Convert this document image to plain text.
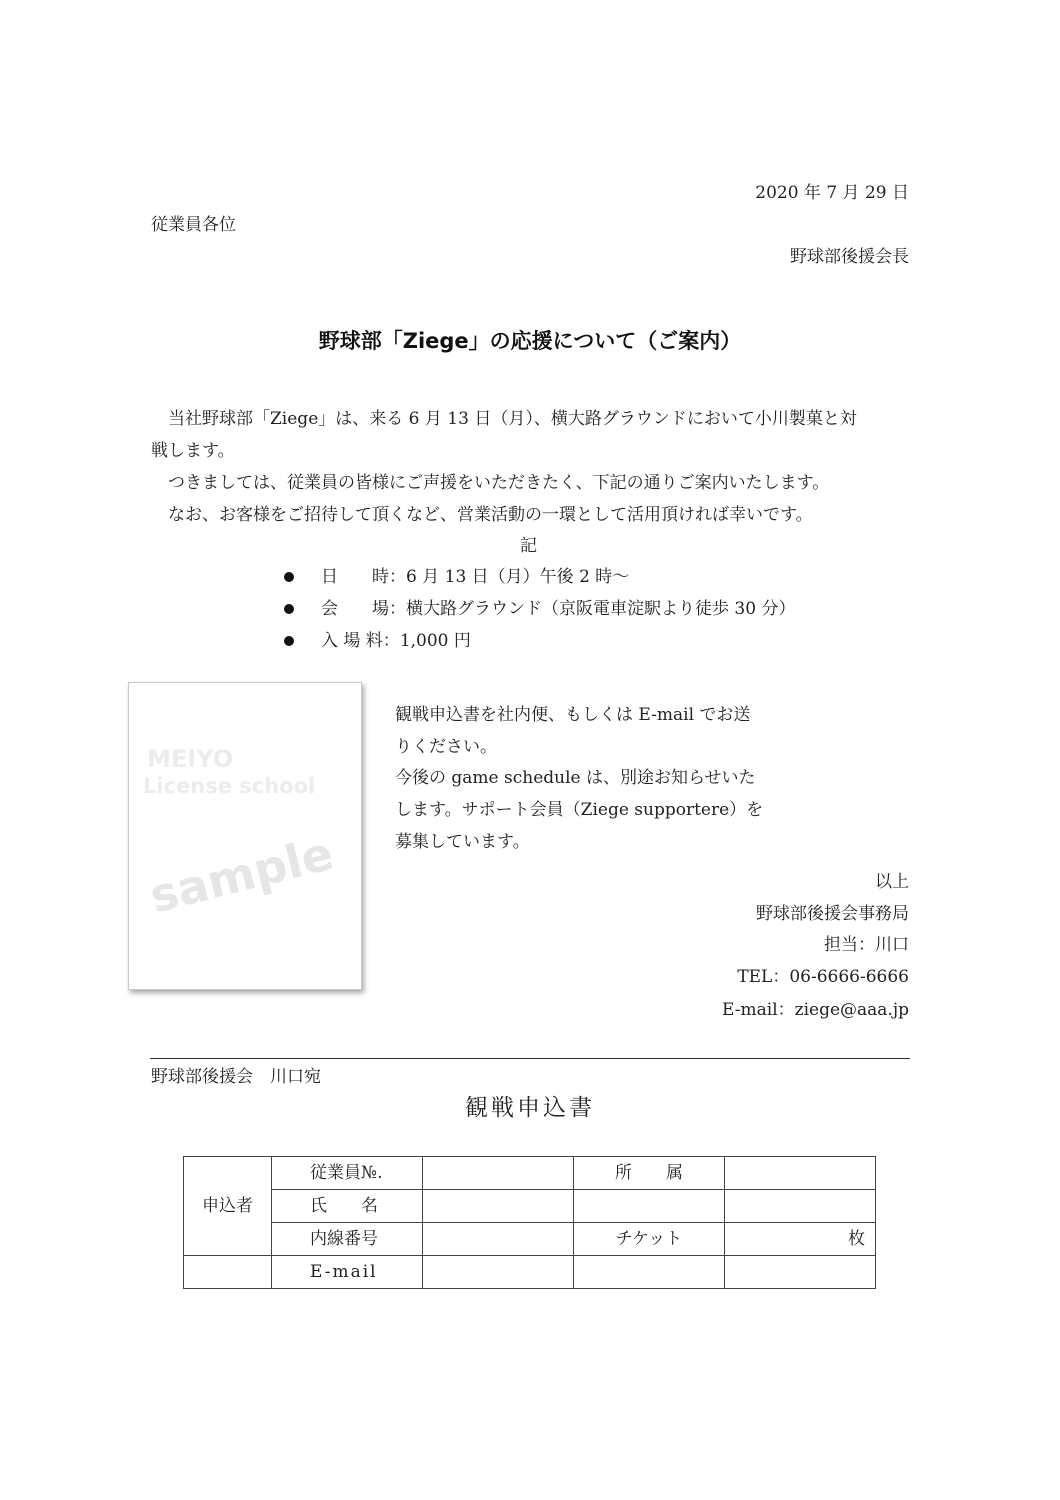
2020 年 7 月 29 日
従業員各位
野球部後援会長
野球部「Ziege」の応援について（ご案内）
当社野球部「Ziege」は、来る 6 月 13 日（月）、横大路グラウンドにおいて小川製菓と対
戦します。
つきましては、従業員の皆様にご声援をいただきたく、下記の通りご案内いたします。
なお、お客様をご招待して頂くなど、営業活動の一環として活用頂ければ幸いです。
記
日　　時：6 月 13 日（月）午後 2 時〜
会　　場：横大路グラウンド（京阪電車淀駅より徒歩 30 分）
入 場 料：1,000 円
MEIYO
License school
sample
観戦申込書を社内便、もしくは E-mail でお送
りください。
今後の game schedule は、別途お知らせいた
します。サポート会員（Ziege supportere）を
募集しています。
以上
野球部後援会事務局
担当：川口
TEL：06-6666-6666
E-mail：ziege@aaa.jp
野球部後援会　川口宛
観戦申込書
申込者	従業員№.		所　　属	
	氏　　名			
	内線番号		チケット	枚
	E-mail			
